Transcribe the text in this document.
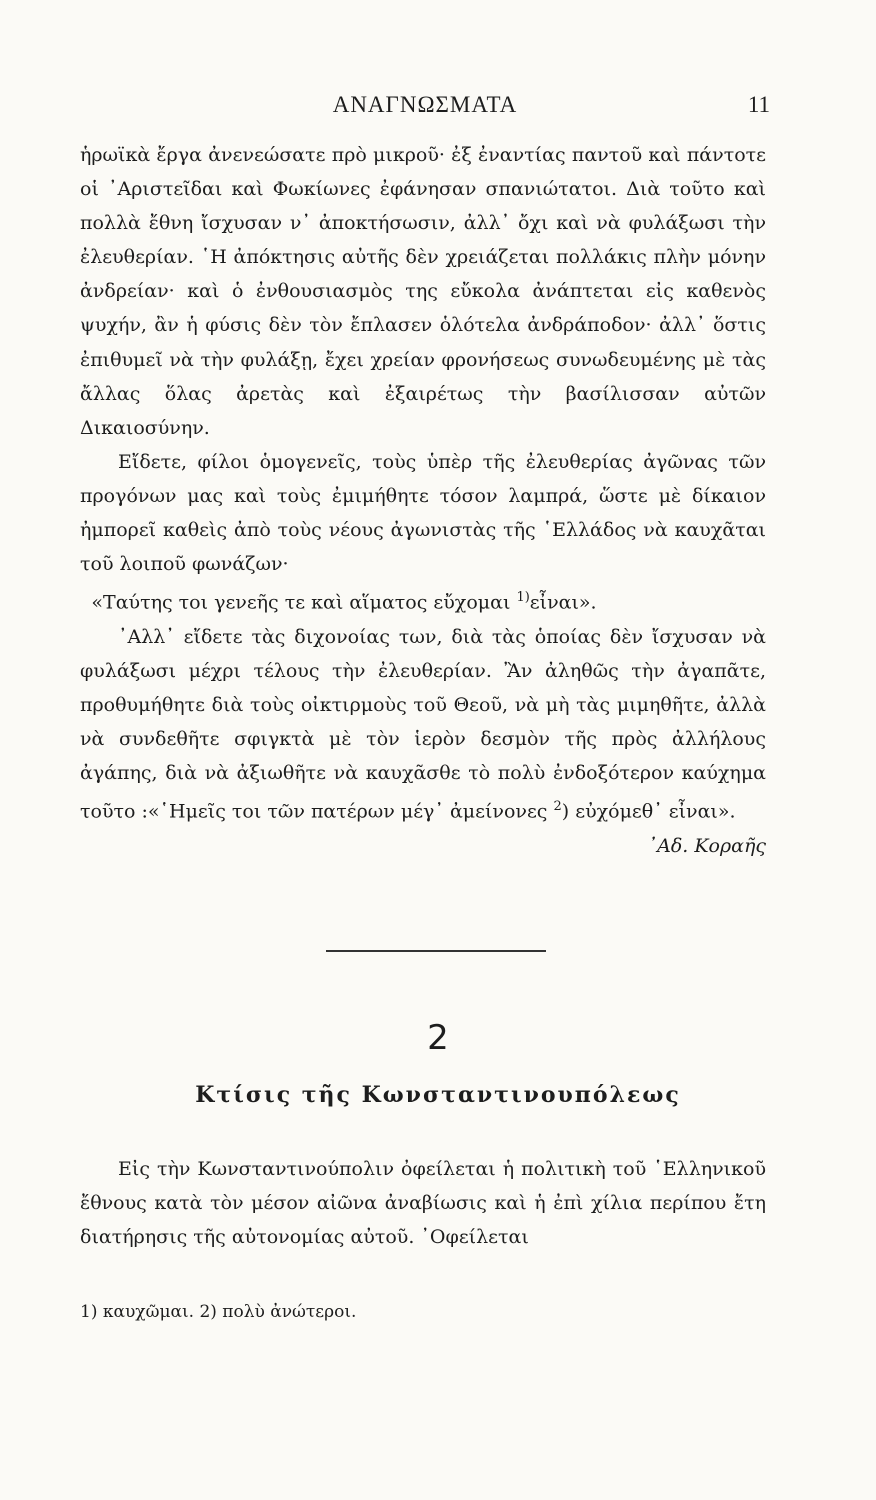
ΑΝΑΓΝΩΣΜΑΤΑ	11

ἡρωϊκὰ ἔργα ἀνενεώσατε πρὸ μικροῦ· ἐξ ἐναντίας παντοῦ καὶ πάντοτε οἱ ᾿Αριστεῖδαι καὶ Φωκίωνες ἐφάνησαν σπανιώτατοι. Διὰ τοῦτο καὶ πολλὰ ἔθνη ἴσχυσαν ν᾿ ἀποκτήσωσιν, ἀλλ᾿ ὄχι καὶ νὰ φυλάξωσι τὴν ἐλευθερίαν. ῾Η ἀπόκτησις αὐτῆς δὲν χρειάζεται πολλάκις πλὴν μόνην ἀνδρείαν· καὶ ὁ ἐνθουσιασμὸς της εὔκολα ἀνάπτεται εἰς καθενὸς ψυχήν, ἂν ἡ φύσις δὲν τὸν ἔπλασεν ὁλότελα ἀνδράποδον· ἀλλ᾿ ὅστις ἐπιθυμεῖ νὰ τὴν φυλάξῃ, ἔχει χρείαν φρονήσεως συνωδευμένης μὲ τὰς ἄλλας ὅλας ἀρετὰς καὶ ἐξαιρέτως τὴν βασίλισσαν αὐτῶν Δικαιοσύνην.

Εἴδετε, φίλοι ὁμογενεῖς, τοὺς ὑπὲρ τῆς ἐλευθερίας ἀγῶνας τῶν προγόνων μας καὶ τοὺς ἐμιμήθητε τόσον λαμπρά, ὥστε μὲ δίκαιον ἠμπορεῖ καθεὶς ἀπὸ τοὺς νέους ἀγωνιστὰς τῆς ῾Ελλάδος νὰ καυχᾶται τοῦ λοιποῦ φωνάζων·

«Ταύτης τοι γενεῆς τε καὶ αἵματος εὔχομαι $^{1)}$εἶναι».

᾿Αλλ᾿ εἴδετε τὰς διχονοίας των, διὰ τὰς ὁποίας δὲν ἴσχυσαν νὰ φυλάξωσι μέχρι τέλους τὴν ἐλευθερίαν. Ἂν ἀληθῶς τὴν ἀγαπᾶτε, προθυμήθητε διὰ τοὺς οἰκτιρμοὺς τοῦ Θεοῦ, νὰ μὴ τὰς μιμηθῆτε, ἀλλὰ νὰ συνδεθῆτε σφιγκτὰ μὲ τὸν ἱερὸν δεσμὸν τῆς πρὸς ἀλλήλους ἀγάπης, διὰ νὰ ἀξιωθῆτε νὰ καυχᾶσθε τὸ πολὺ ἐνδοξότερον καύχημα τοῦτο :«῾Ημεῖς τοι τῶν πατέρων μέγ᾿ ἀμείνονες $^2$) εὐχόμεθ᾿ εἶναι».
᾿Αδ. Κοραῆς

2
Κτίσις τῆς Κωνσταντινουπόλεως

Εἰς τὴν Κωνσταντινούπολιν ὀφείλεται ἡ πολιτικὴ τοῦ ῾Ελληνικοῦ ἔθνους κατὰ τὸν μέσον αἰῶνα ἀναβίωσις καὶ ἡ ἐπὶ χίλια περίπου ἔτη διατήρησις τῆς αὐτονομίας αὐτοῦ. ᾿Οφείλεται

1) καυχῶμαι. 2) πολὺ ἀνώτεροι.
